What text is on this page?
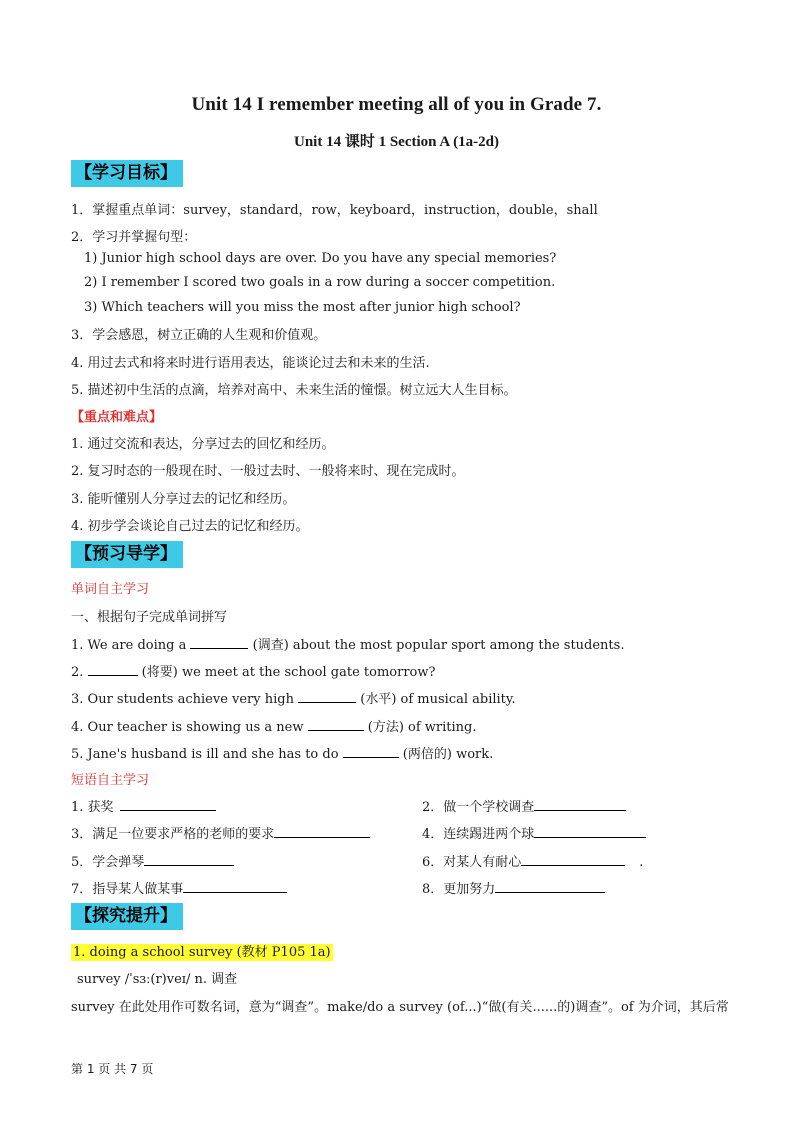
Unit 14 I remember meeting all of you in Grade 7.
Unit 14 课时 1 Section A (1a-2d)
【学习目标】
1．掌握重点单词：survey，standard，row，keyboard，instruction，double，shall
2．学习并掌握句型：
1) Junior high school days are over. Do you have any special memories?
2) I remember I scored two goals in a row during a soccer competition.
3) Which teachers will you miss the most after junior high school?
3．学会感恩，树立正确的人生观和价值观。
4. 用过去式和将来时进行语用表达，能谈论过去和未来的生活.
5. 描述初中生活的点滴，培养对高中、未来生活的憧憬。树立远大人生目标。
【重点和难点】
1. 通过交流和表达，分享过去的回忆和经历。
2. 复习时态的一般现在时、一般过去时、一般将来时、现在完成时。
3. 能听懂别人分享过去的记忆和经历。
4. 初步学会谈论自己过去的记忆和经历。
【预习导学】
单词自主学习
一、根据句子完成单词拼写
1. We are doing a	(调查) about the most popular sport among the students.
2.	(将要) we meet at the school gate tomorrow?
3. Our students achieve very high	(水平) of musical ability.
4. Our teacher is showing us a new	(方法) of writing.
5. Jane's husband is ill and she has to do	(两倍的) work.
短语自主学习
1. 获奖	2．做一个学校调查
3．满足一位要求严格的老师的要求	4．连续踢进两个球
5．学会弹琴	6．对某人有耐心	.
7．指导某人做某事	8．更加努力
【探究提升】
1. doing a school survey (教材 P105 1a)
survey /ˈsɜː(r)veɪ/ n. 调查
survey 在此处用作可数名词，意为“调查”。make/do a survey (of...)“做(有关......的)调查”。of 为介词，其后常
第 1 页 共 7 页
